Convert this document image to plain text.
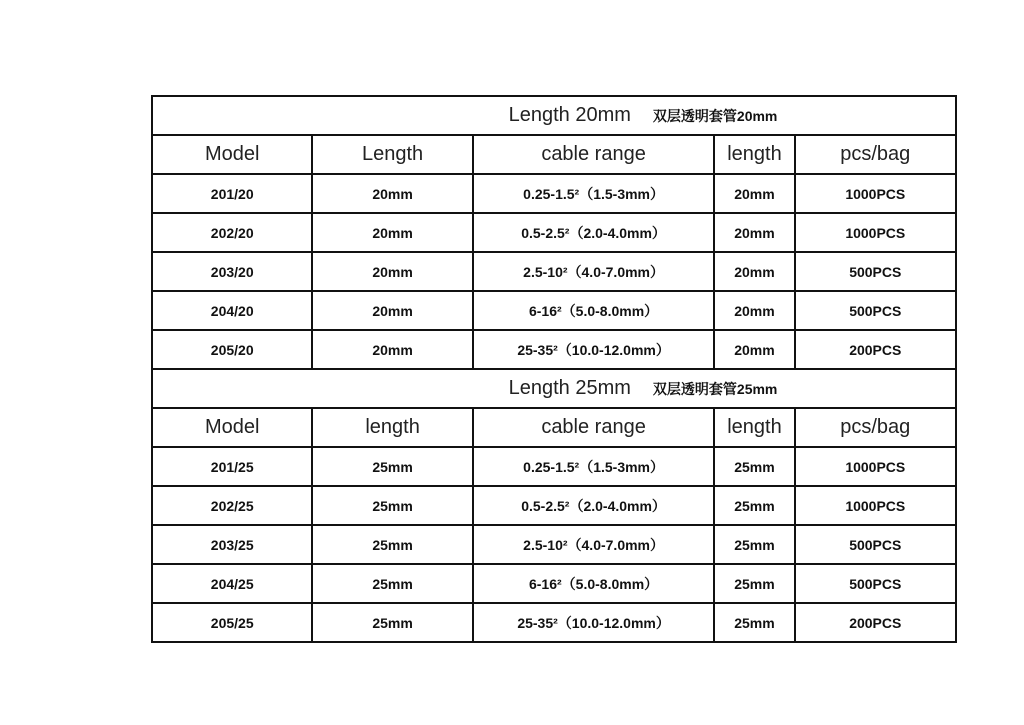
Length 20mm 双层透明套管20mm				
Model	Length	cable range	length	pcs/bag
201/20	20mm	0.25-1.5²（1.5-3mm）	20mm	1000PCS
202/20	20mm	0.5-2.5²（2.0-4.0mm）	20mm	1000PCS
203/20	20mm	2.5-10²（4.0-7.0mm）	20mm	500PCS
204/20	20mm	6-16²（5.0-8.0mm）	20mm	500PCS
205/20	20mm	25-35²（10.0-12.0mm）	20mm	200PCS
Length 25mm 双层透明套管25mm				
Model	length	cable range	length	pcs/bag
201/25	25mm	0.25-1.5²（1.5-3mm）	25mm	1000PCS
202/25	25mm	0.5-2.5²（2.0-4.0mm）	25mm	1000PCS
203/25	25mm	2.5-10²（4.0-7.0mm）	25mm	500PCS
204/25	25mm	6-16²（5.0-8.0mm）	25mm	500PCS
205/25	25mm	25-35²（10.0-12.0mm）	25mm	200PCS
